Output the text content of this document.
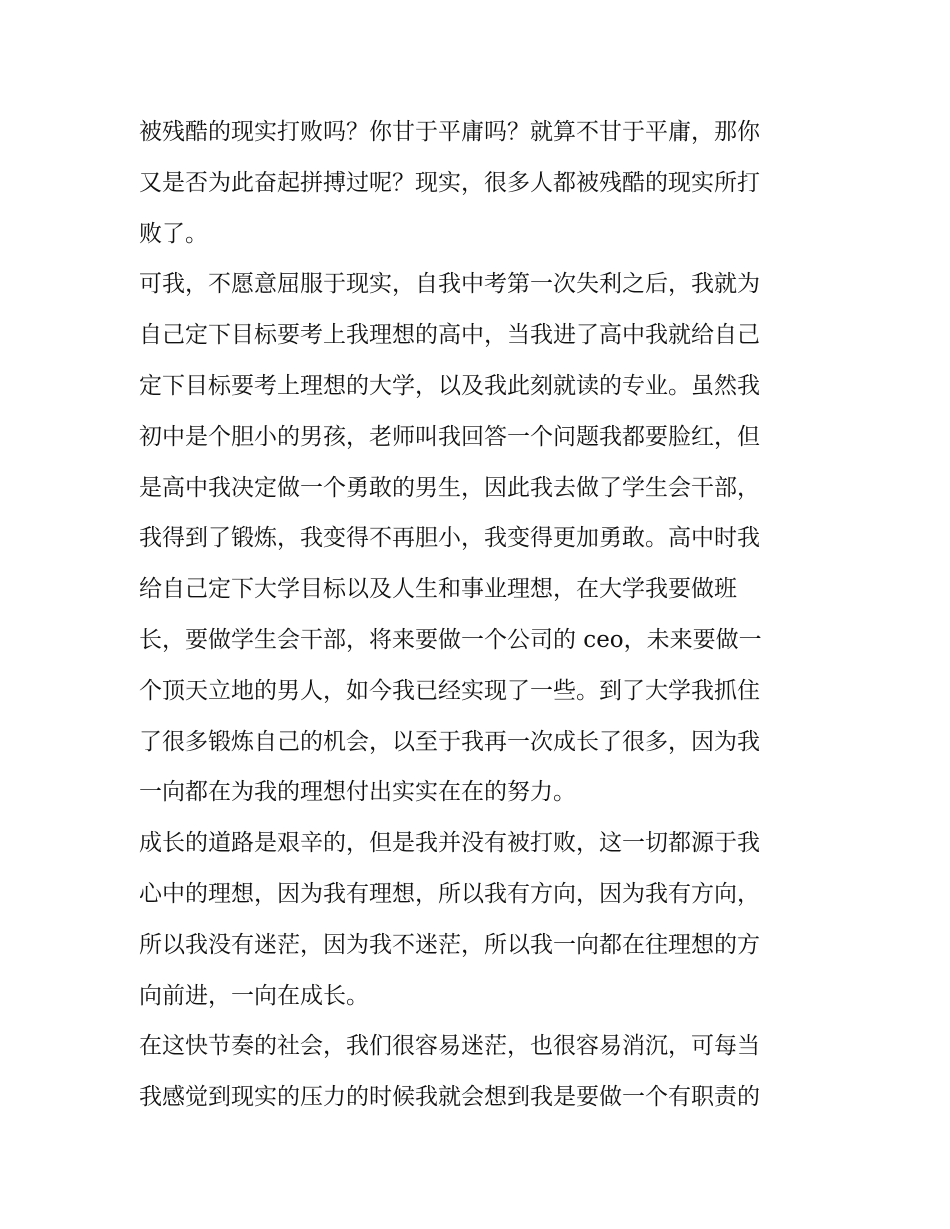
被残酷的现实打败吗？你甘于平庸吗？就算不甘于平庸，那你
又是否为此奋起拼搏过呢？现实，很多人都被残酷的现实所打
败了。
可我，不愿意屈服于现实，自我中考第一次失利之后，我就为
自己定下目标要考上我理想的高中，当我进了高中我就给自己
定下目标要考上理想的大学，以及我此刻就读的专业。虽然我
初中是个胆小的男孩，老师叫我回答一个问题我都要脸红，但
是高中我决定做一个勇敢的男生，因此我去做了学生会干部，
我得到了锻炼，我变得不再胆小，我变得更加勇敢。高中时我
给自己定下大学目标以及人生和事业理想，在大学我要做班
长，要做学生会干部，将来要做一个公司的 ceo，未来要做一
个顶天立地的男人，如今我已经实现了一些。到了大学我抓住
了很多锻炼自己的机会，以至于我再一次成长了很多，因为我
一向都在为我的理想付出实实在在的努力。
成长的道路是艰辛的，但是我并没有被打败，这一切都源于我
心中的理想，因为我有理想，所以我有方向，因为我有方向，
所以我没有迷茫，因为我不迷茫，所以我一向都在往理想的方
向前进，一向在成长。
在这快节奏的社会，我们很容易迷茫，也很容易消沉，可每当
我感觉到现实的压力的时候我就会想到我是要做一个有职责的
